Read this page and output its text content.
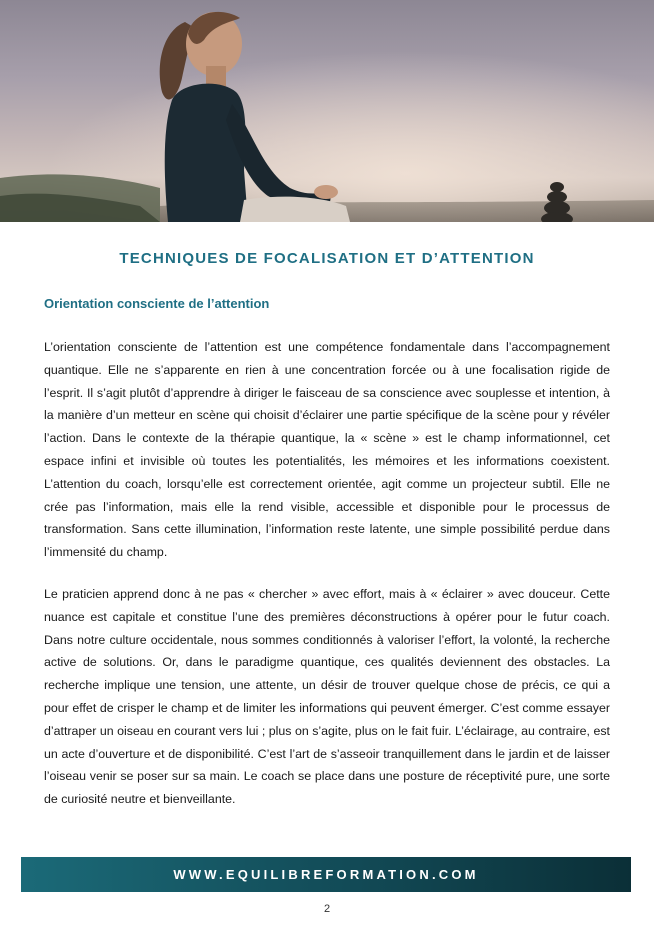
TECHNIQUES DE FOCALISATION ET D’ATTENTION
Orientation consciente de l’attention

L’orientation consciente de l’attention est une compétence fondamentale dans l’accompagnement quantique. Elle ne s’apparente en rien à une concentration forcée ou à une focalisation rigide de l’esprit. Il s’agit plutôt d’apprendre à diriger le faisceau de sa conscience avec souplesse et intention, à la manière d’un metteur en scène qui choisit d’éclairer une partie spécifique de la scène pour y révéler l’action. Dans le contexte de la thérapie quantique, la « scène » est le champ informationnel, cet espace infini et invisible où toutes les potentialités, les mémoires et les informations coexistent. L’attention du coach, lorsqu’elle est correctement orientée, agit comme un projecteur subtil. Elle ne crée pas l’information, mais elle la rend visible, accessible et disponible pour le processus de transformation. Sans cette illumination, l’information reste latente, une simple possibilité perdue dans l’immensité du champ.

Le praticien apprend donc à ne pas « chercher » avec effort, mais à « éclairer » avec douceur. Cette nuance est capitale et constitue l’une des premières déconstructions à opérer pour le futur coach. Dans notre culture occidentale, nous sommes conditionnés à valoriser l’effort, la volonté, la recherche active de solutions. Or, dans le paradigme quantique, ces qualités deviennent des obstacles. La recherche implique une tension, une attente, un désir de trouver quelque chose de précis, ce qui a pour effet de crisper le champ et de limiter les informations qui peuvent émerger. C’est comme essayer d’attraper un oiseau en courant vers lui ; plus on s’agite, plus on le fait fuir. L’éclairage, au contraire, est un acte d’ouverture et de disponibilité. C’est l’art de s’asseoir tranquillement dans le jardin et de laisser l’oiseau venir se poser sur sa main. Le coach se place dans une posture de réceptivité pure, une sorte de curiosité neutre et bienveillante.

WWW.EQUILIBREFORMATION.COM
2
